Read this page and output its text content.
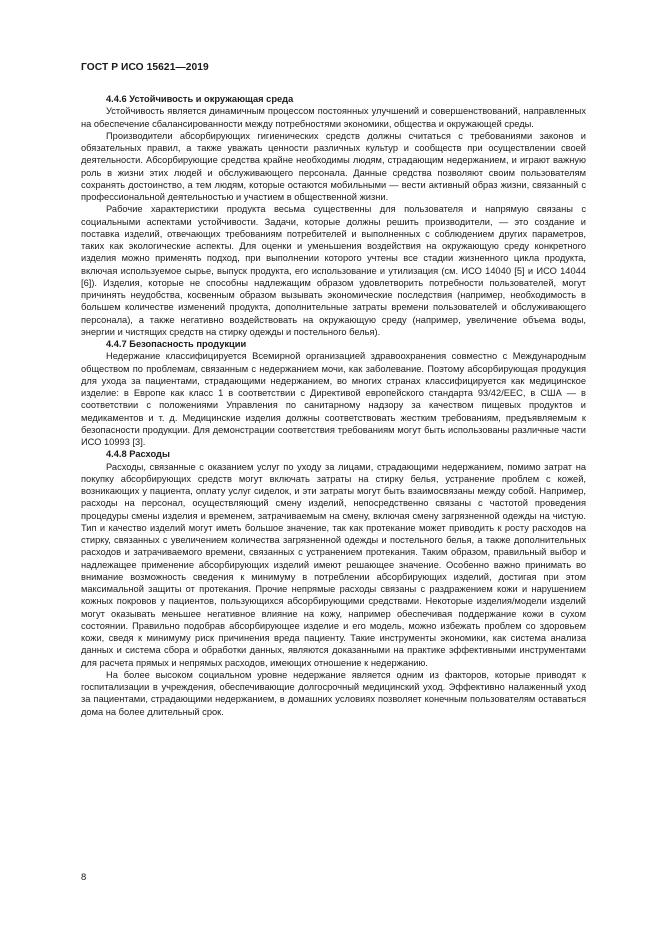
ГОСТ Р ИСО 15621—2019

4.4.6 Устойчивость и окружающая среда

Устойчивость является динамичным процессом постоянных улучшений и совершенствований, направленных на обеспечение сбалансированности между потребностями экономики, общества и окружающей среды.

Производители абсорбирующих гигиенических средств должны считаться с требованиями законов и обязательных правил, а также уважать ценности различных культур и сообществ при осуществлении своей деятельности. Абсорбирующие средства крайне необходимы людям, страдающим недержанием, и играют важную роль в жизни этих людей и обслуживающего персонала. Данные средства позволяют своим пользователям сохранять достоинство, а тем людям, которые остаются мобильными — вести активный образ жизни, связанный с профессиональной деятельностью и участием в общественной жизни.

Рабочие характеристики продукта весьма существенны для пользователя и напрямую связаны с социальными аспектами устойчивости. Задачи, которые должны решить производители, — это создание и поставка изделий, отвечающих требованиям потребителей и выполненных с соблюдением других параметров, таких как экологические аспекты. Для оценки и уменьшения воздействия на окружающую среду конкретного изделия можно применять подход, при выполнении которого учтены все стадии жизненного цикла продукта, включая используемое сырье, выпуск продукта, его использование и утилизация (см. ИСО 14040 [5] и ИСО 14044 [6]). Изделия, которые не способны надлежащим образом удовлетворить потребности пользователей, могут причинять неудобства, косвенным образом вызывать экономические последствия (например, необходимость в большем количестве изменений продукта, дополнительные затраты времени пользователей и обслуживающего персонала), а также негативно воздействовать на окружающую среду (например, увеличение объема воды, энергии и чистящих средств на стирку одежды и постельного белья).

4.4.7 Безопасность продукции

Недержание классифицируется Всемирной организацией здравоохранения совместно с Международным обществом по проблемам, связанным с недержанием мочи, как заболевание. Поэтому абсорбирующая продукция для ухода за пациентами, страдающими недержанием, во многих странах классифицируется как медицинское изделие: в Европе как класс 1 в соответствии с Директивой европейского стандарта 93/42/ЕЕС, в США — в соответствии с положениями Управления по санитарному надзору за качеством пищевых продуктов и медикаментов и т. д. Медицинские изделия должны соответствовать жестким требованиям, предъявляемым к безопасности продукции. Для демонстрации соответствия требованиям могут быть использованы различные части ИСО 10993 [3].

4.4.8 Расходы

Расходы, связанные с оказанием услуг по уходу за лицами, страдающими недержанием, помимо затрат на покупку абсорбирующих средств могут включать затраты на стирку белья, устранение проблем с кожей, возникающих у пациента, оплату услуг сиделок, и эти затраты могут быть взаимосвязаны между собой. Например, расходы на персонал, осуществляющий смену изделий, непосредственно связаны с частотой проведения процедуры смены изделия и временем, затрачиваемым на смену, включая смену загрязненной одежды на чистую. Тип и качество изделий могут иметь большое значение, так как протекание может приводить к росту расходов на стирку, связанных с увеличением количества загрязненной одежды и постельного белья, а также дополнительных расходов и затрачиваемого времени, связанных с устранением протекания. Таким образом, правильный выбор и надлежащее применение абсорбирующих изделий имеют решающее значение. Особенно важно принимать во внимание возможность сведения к минимуму в потреблении абсорбирующих изделий, достигая при этом максимальной защиты от протекания. Прочие непрямые расходы связаны с раздражением кожи и нарушением кожных покровов у пациентов, пользующихся абсорбирующими средствами. Некоторые изделия/модели изделий могут оказывать меньшее негативное влияние на кожу, например обеспечивая поддержание кожи в сухом состоянии. Правильно подобрав абсорбирующее изделие и его модель, можно избежать проблем со здоровьем кожи, сведя к минимуму риск причинения вреда пациенту. Такие инструменты экономики, как система анализа данных и система сбора и обработки данных, являются доказанными на практике эффективными инструментами для расчета прямых и непрямых расходов, имеющих отношение к недержанию.

На более высоком социальном уровне недержание является одним из факторов, которые приводят к госпитализации в учреждения, обеспечивающие долгосрочный медицинский уход. Эффективно налаженный уход за пациентами, страдающими недержанием, в домашних условиях позволяет конечным пользователям оставаться дома на более длительный срок.

8
